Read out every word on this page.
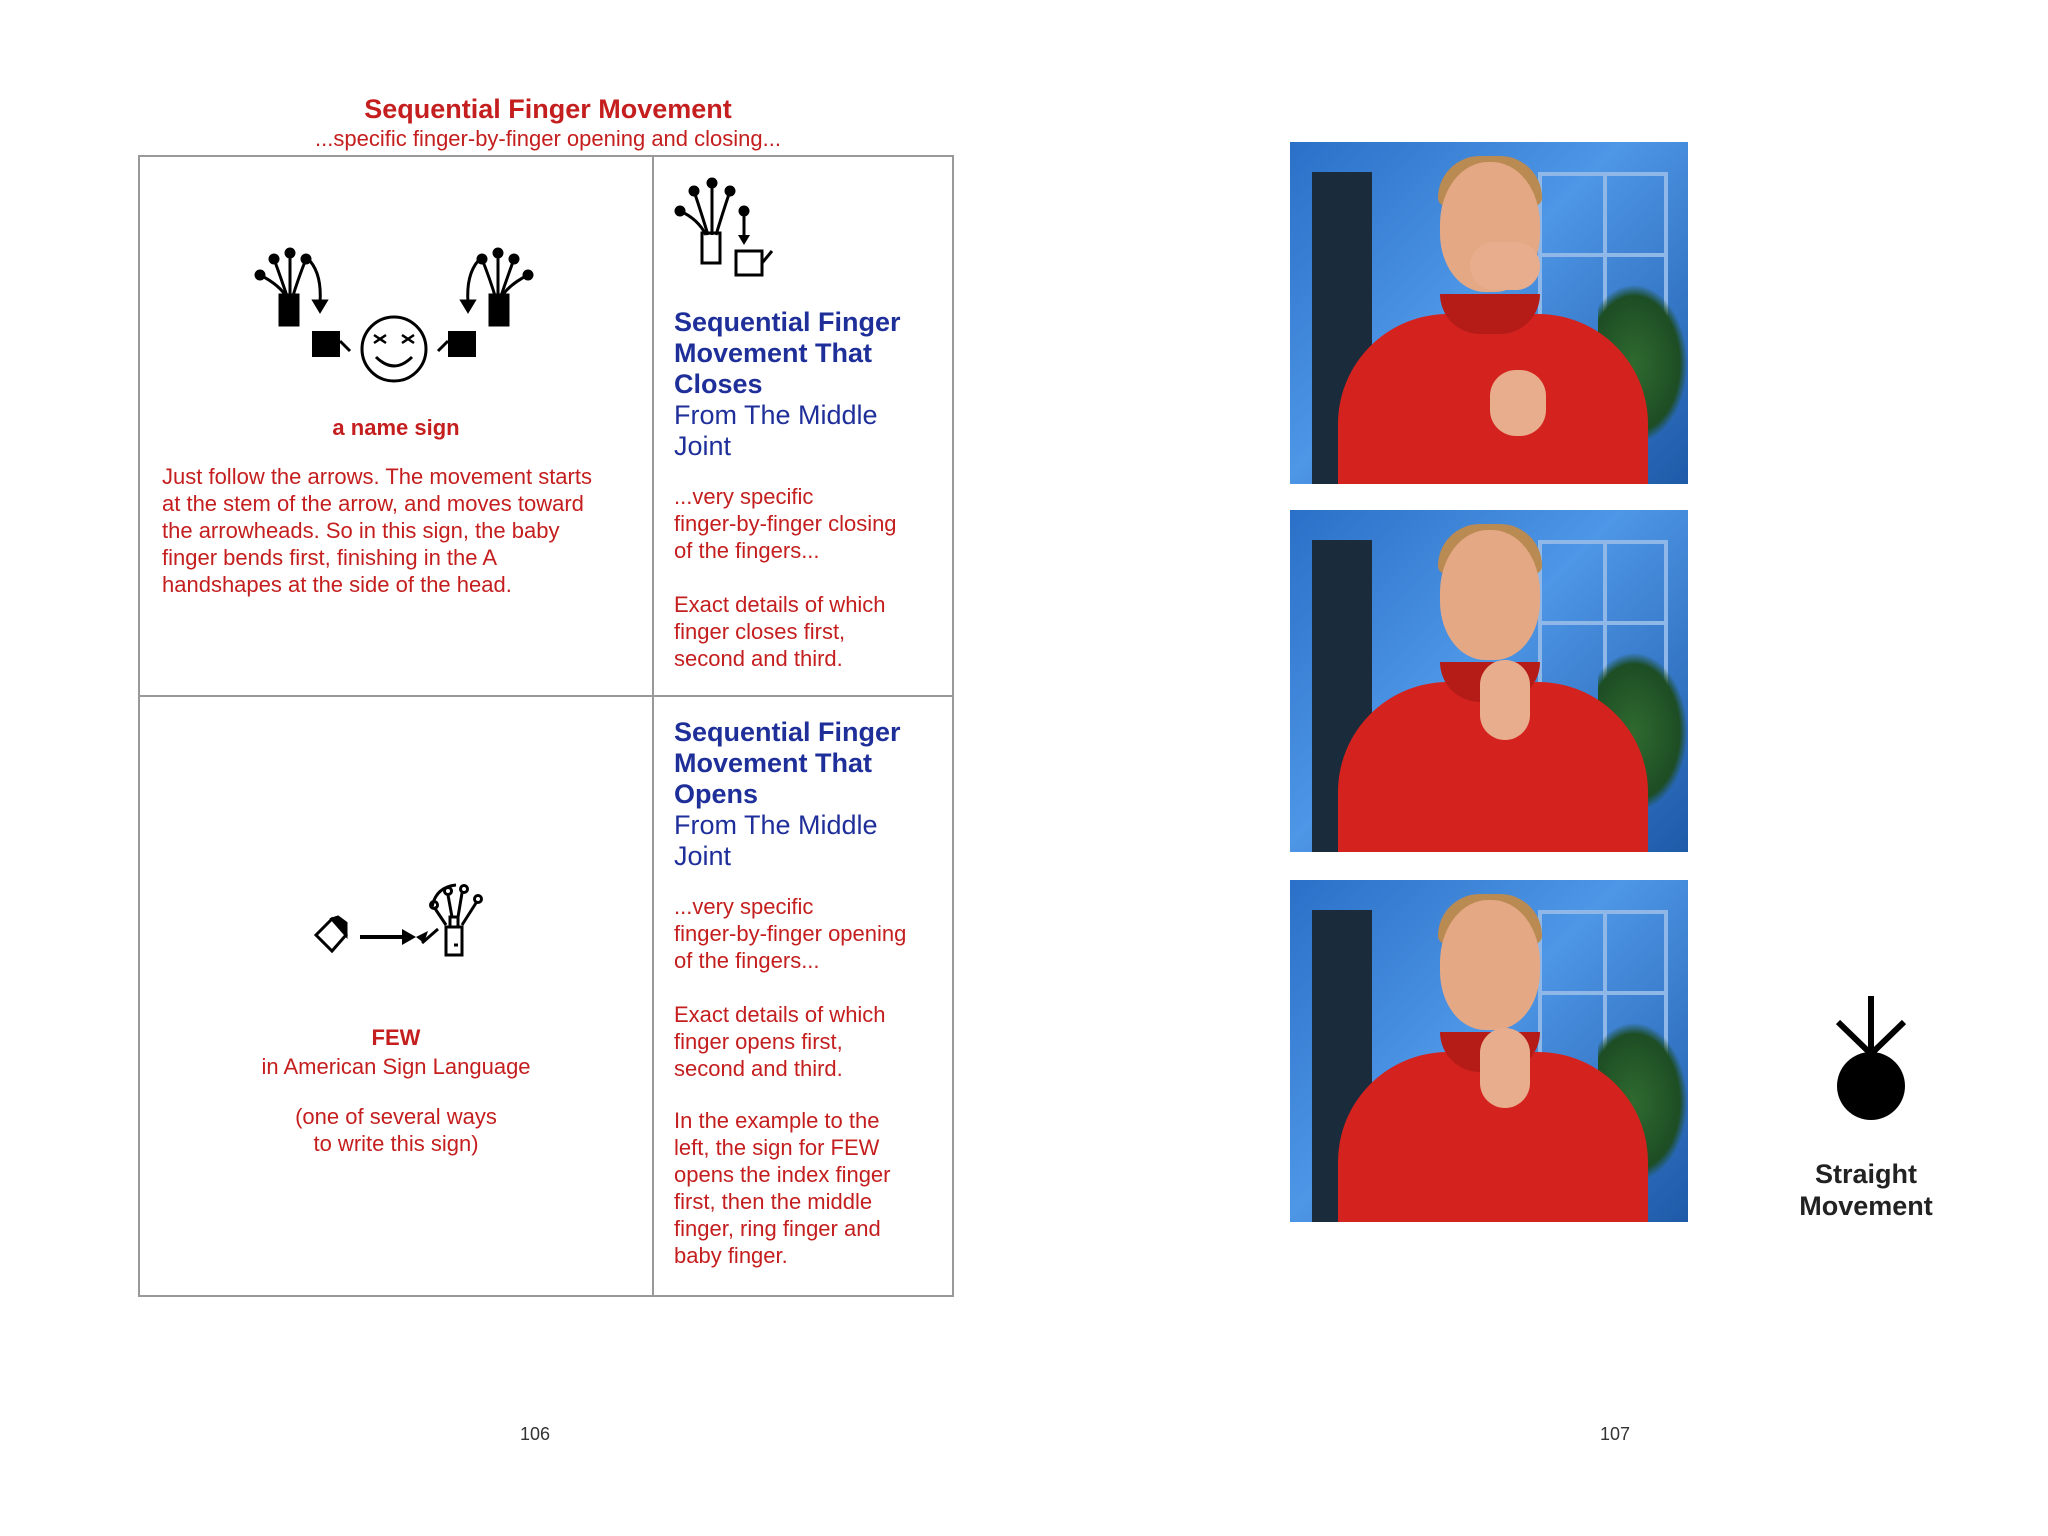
Sequential Finger Movement
...specific finger-by-finger opening and closing...
a name sign
Just follow the arrows. The movement starts
at the stem of the arrow, and moves toward
the arrowheads. So in this sign, the baby
finger bends first, finishing in the A
handshapes at the side of the head.
Sequential Finger
Movement That
Closes
From The Middle
Joint
...very specific
finger-by-finger closing
of the fingers...
Exact details of which
finger closes first,
second and third.
FEW
in American Sign Language
(one of several ways
to write this sign)
Sequential Finger
Movement That
Opens
From The Middle
Joint
...very specific
finger-by-finger opening
of the fingers...
Exact details of which
finger opens first,
second and third.
In the example to the
left, the sign for FEW
opens the index finger
first, then the middle
finger, ring finger and
baby finger.
106
Straight
Movement
107
